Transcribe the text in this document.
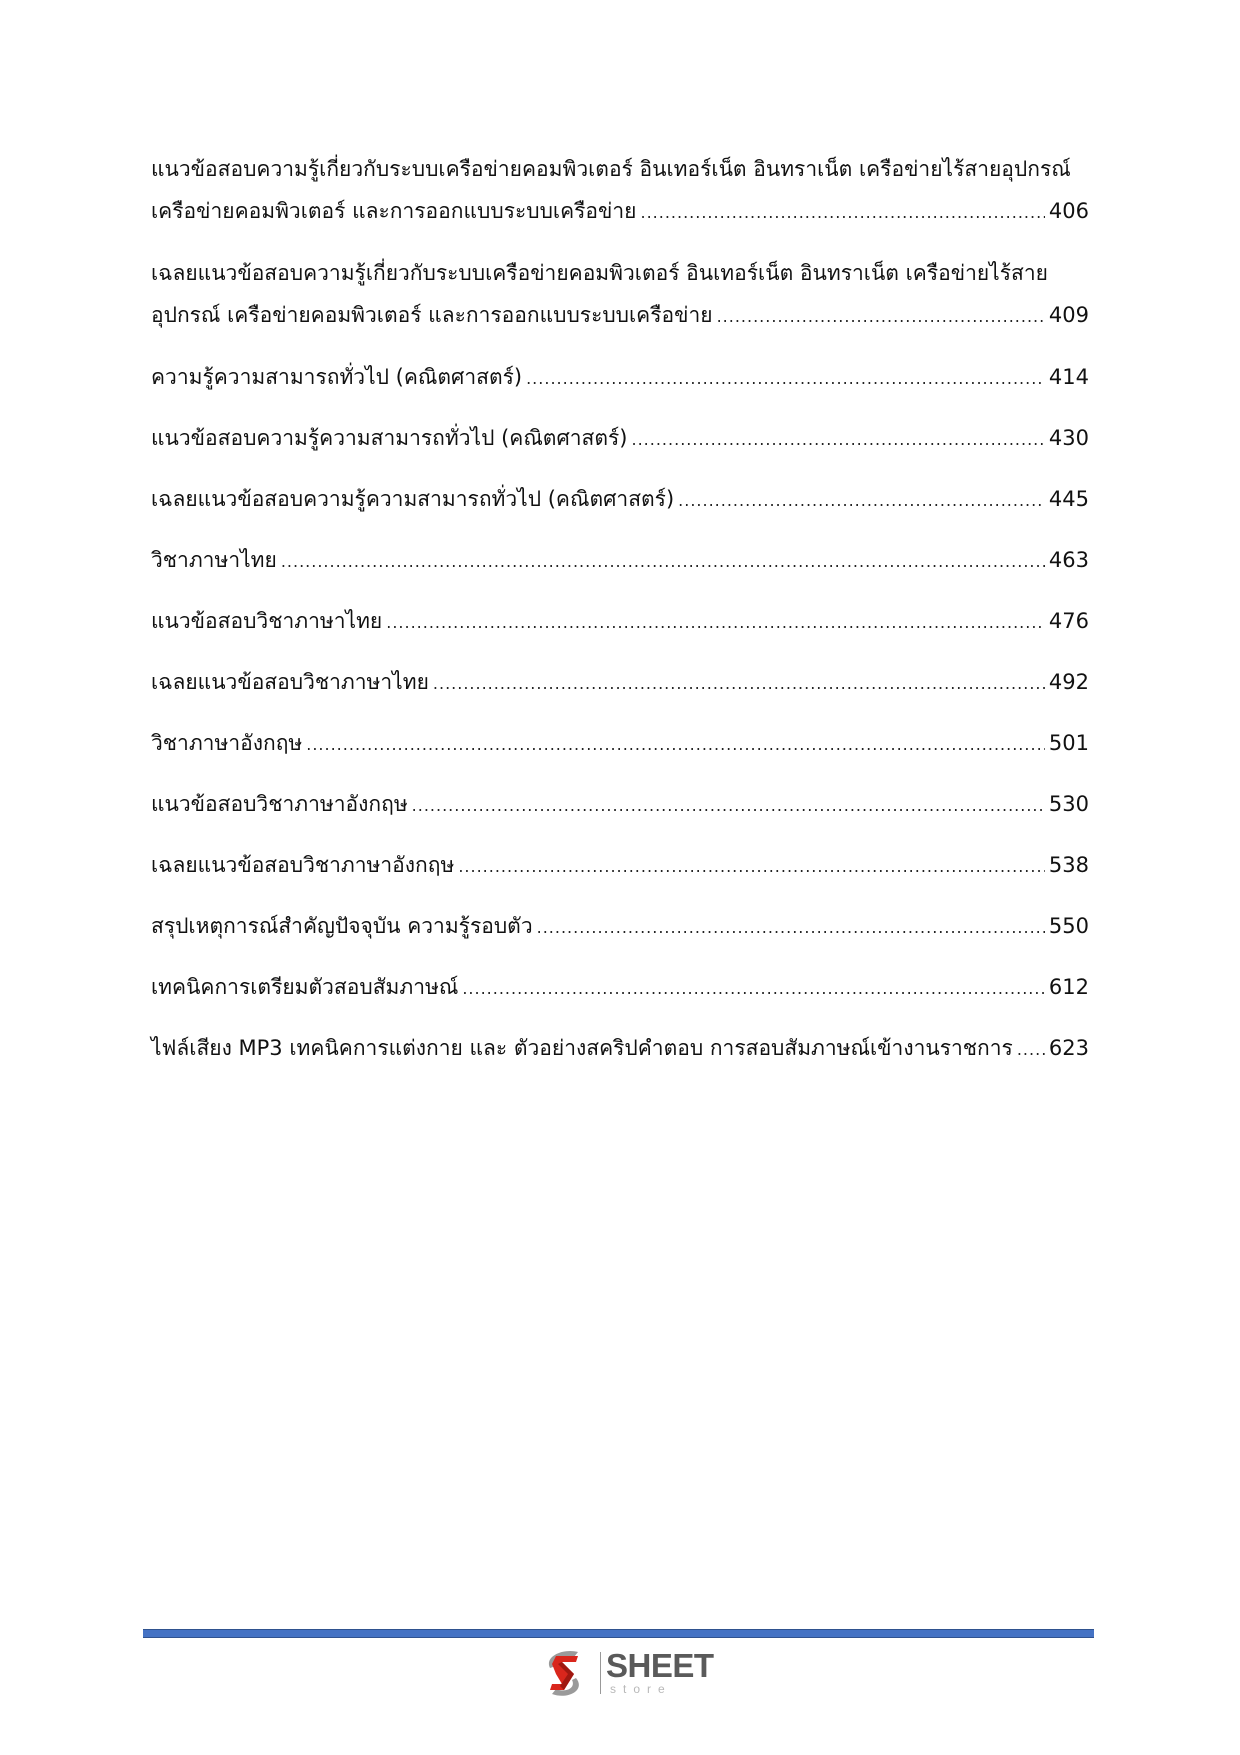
แนวข้อสอบความรู้เกี่ยวกับระบบเครือข่ายคอมพิวเตอร์ อินเทอร์เน็ต อินทราเน็ต เครือข่ายไร้สายอุปกรณ์
เครือข่ายคอมพิวเตอร์ และการออกแบบระบบเครือข่าย .....	406
เฉลยแนวข้อสอบความรู้เกี่ยวกับระบบเครือข่ายคอมพิวเตอร์ อินเทอร์เน็ต อินทราเน็ต เครือข่ายไร้สาย
อุปกรณ์ เครือข่ายคอมพิวเตอร์ และการออกแบบระบบเครือข่าย .....	409
ความรู้ความสามารถทั่วไป (คณิตศาสตร์) .....	414
แนวข้อสอบความรู้ความสามารถทั่วไป (คณิตศาสตร์) .....	430
เฉลยแนวข้อสอบความรู้ความสามารถทั่วไป (คณิตศาสตร์) .....	445
วิชาภาษาไทย .....	463
แนวข้อสอบวิชาภาษาไทย .....	476
เฉลยแนวข้อสอบวิชาภาษาไทย .....	492
วิชาภาษาอังกฤษ .....	501
แนวข้อสอบวิชาภาษาอังกฤษ .....	530
เฉลยแนวข้อสอบวิชาภาษาอังกฤษ .....	538
สรุปเหตุการณ์สำคัญปัจจุบัน ความรู้รอบตัว .....	550
เทคนิคการเตรียมตัวสอบสัมภาษณ์ .....	612
ไฟล์เสียง MP3 เทคนิคการแต่งกาย และ ตัวอย่างสคริปคำตอบ การสอบสัมภาษณ์เข้างานราชการ ..... 623
SHEET
store
